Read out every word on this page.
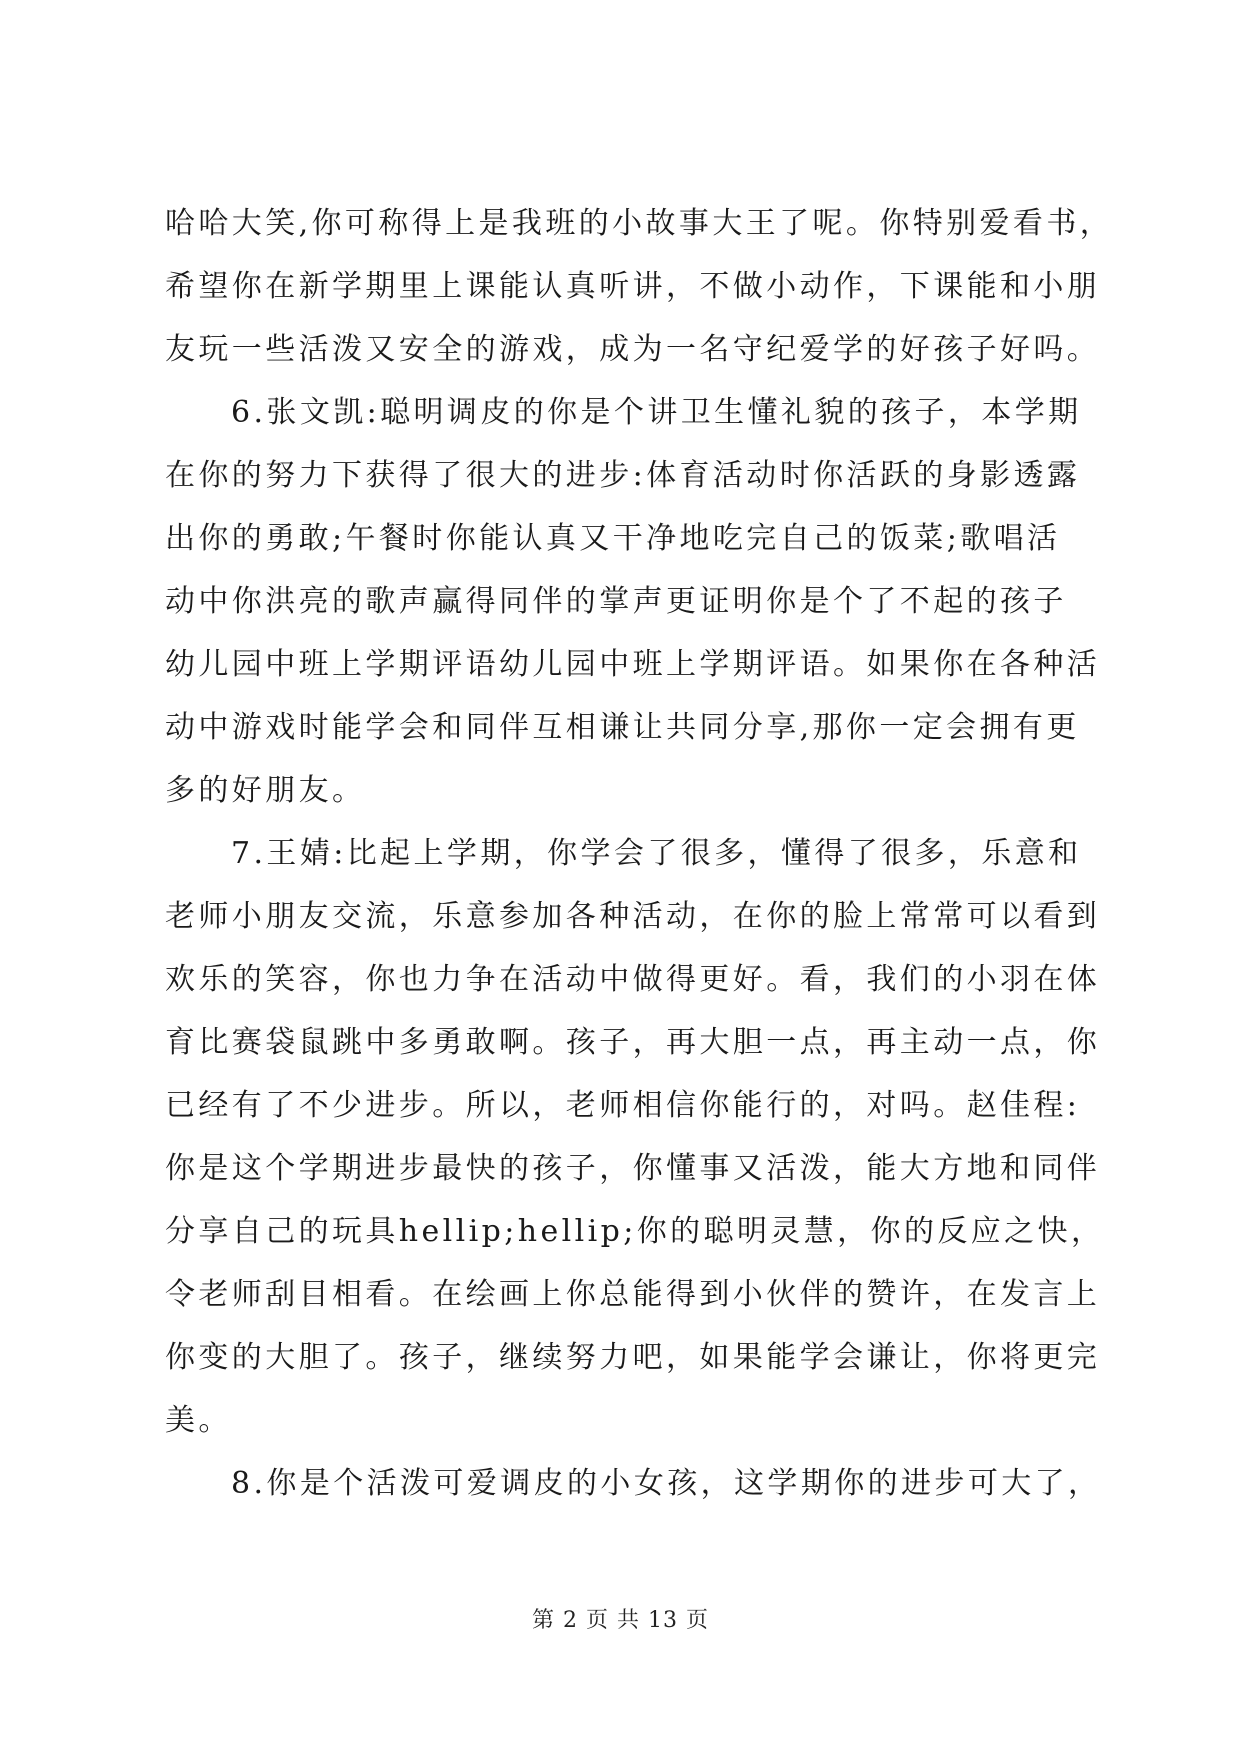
哈哈大笑,你可称得上是我班的小故事大王了呢。你特别爱看书，
希望你在新学期里上课能认真听讲，不做小动作，下课能和小朋
友玩一些活泼又安全的游戏，成为一名守纪爱学的好孩子好吗。
6.张文凯:聪明调皮的你是个讲卫生懂礼貌的孩子，本学期
在你的努力下获得了很大的进步:体育活动时你活跃的身影透露
出你的勇敢;午餐时你能认真又干净地吃完自己的饭菜;歌唱活
动中你洪亮的歌声赢得同伴的掌声更证明你是个了不起的孩子
幼儿园中班上学期评语幼儿园中班上学期评语。如果你在各种活
动中游戏时能学会和同伴互相谦让共同分享,那你一定会拥有更
多的好朋友。
7.王婧:比起上学期，你学会了很多，懂得了很多，乐意和
老师小朋友交流，乐意参加各种活动，在你的脸上常常可以看到
欢乐的笑容，你也力争在活动中做得更好。看，我们的小羽在体
育比赛袋鼠跳中多勇敢啊。孩子，再大胆一点，再主动一点，你
已经有了不少进步。所以，老师相信你能行的，对吗。赵佳程:
你是这个学期进步最快的孩子，你懂事又活泼，能大方地和同伴
分享自己的玩具hellip;hellip;你的聪明灵慧，你的反应之快，
令老师刮目相看。在绘画上你总能得到小伙伴的赞许，在发言上
你变的大胆了。孩子，继续努力吧，如果能学会谦让，你将更完
美。
8.你是个活泼可爱调皮的小女孩，这学期你的进步可大了，
第 2 页 共 13 页
